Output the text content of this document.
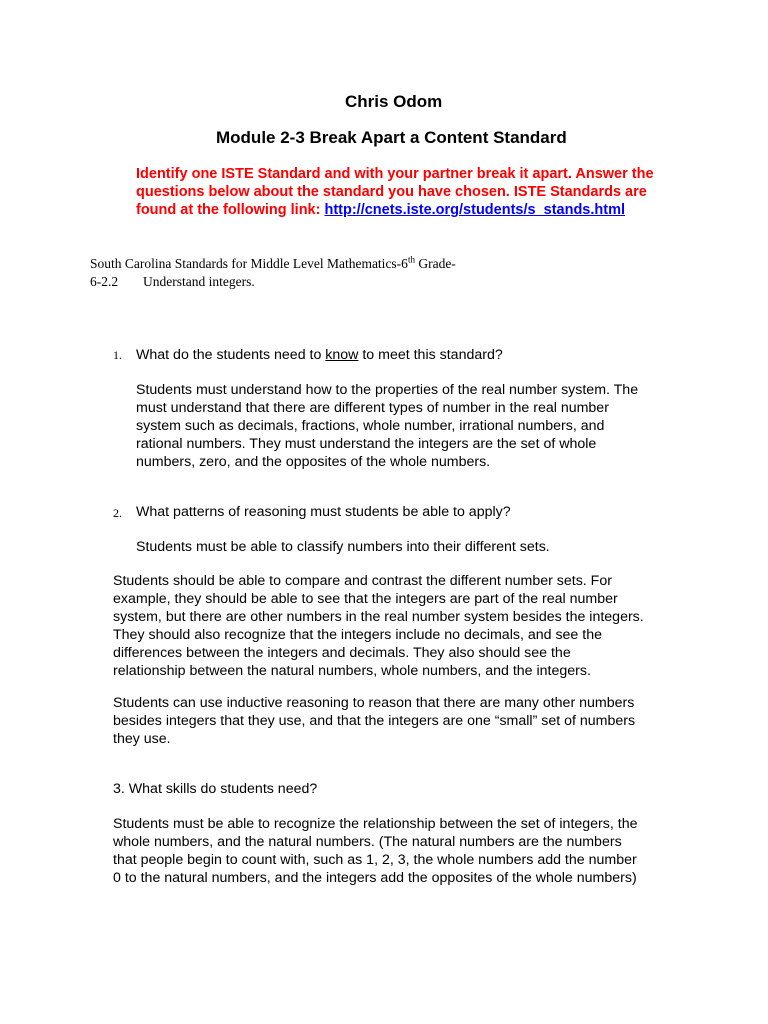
Chris Odom
Module 2-3 Break Apart a Content Standard
Identify one ISTE Standard and with your partner break it apart. Answer the
questions below about the standard you have chosen. ISTE Standards are
found at the following link: http://cnets.iste.org/students/s_stands.html
South Carolina Standards for Middle Level Mathematics-6th Grade-
6-2.2 Understand integers.
1. What do the students need to know to meet this standard?
Students must understand how to the properties of the real number system. The
must understand that there are different types of number in the real number
system such as decimals, fractions, whole number, irrational numbers, and
rational numbers. They must understand the integers are the set of whole
numbers, zero, and the opposites of the whole numbers.
2. What patterns of reasoning must students be able to apply?
Students must be able to classify numbers into their different sets.
Students should be able to compare and contrast the different number sets. For
example, they should be able to see that the integers are part of the real number
system, but there are other numbers in the real number system besides the integers.
They should also recognize that the integers include no decimals, and see the
differences between the integers and decimals. They also should see the
relationship between the natural numbers, whole numbers, and the integers.
Students can use inductive reasoning to reason that there are many other numbers
besides integers that they use, and that the integers are one “small” set of numbers
they use.
3. What skills do students need?
Students must be able to recognize the relationship between the set of integers, the
whole numbers, and the natural numbers. (The natural numbers are the numbers
that people begin to count with, such as 1, 2, 3, the whole numbers add the number
0 to the natural numbers, and the integers add the opposites of the whole numbers)
